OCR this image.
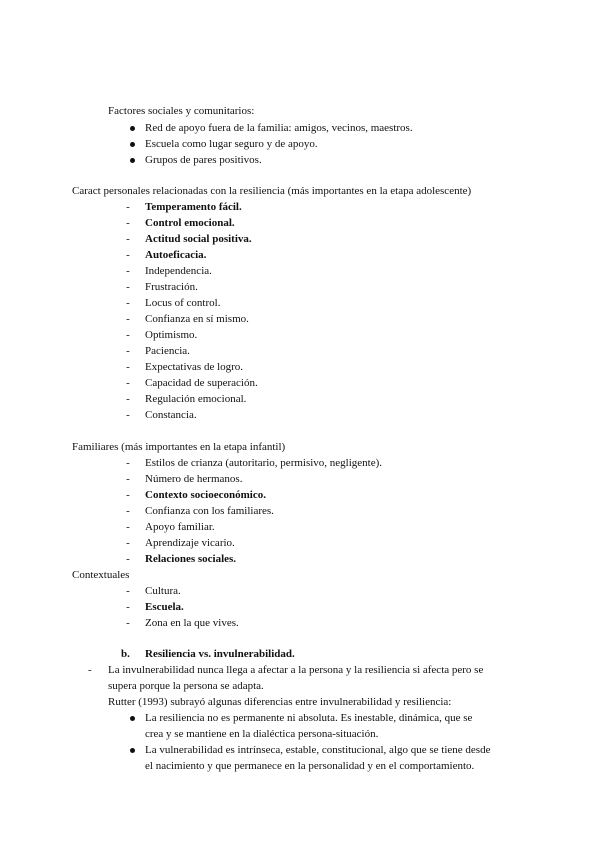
Factores sociales y comunitarios:
Red de apoyo fuera de la familia: amigos, vecinos, maestros.
Escuela como lugar seguro y de apoyo.
Grupos de pares positivos.
Caract personales relacionadas con la resiliencia (más importantes en la etapa adolescente)
-	Temperamento fácil.
-	Control emocional.
-	Actitud social positiva.
-	Autoeficacia.
-	Independencia.
-	Frustración.
-	Locus of control.
-	Confianza en sí mismo.
-	Optimismo.
-	Paciencia.
-	Expectativas de logro.
-	Capacidad de superación.
-	Regulación emocional.
-	Constancia.
Familiares (más importantes en la etapa infantil)
-	Estilos de crianza (autoritario, permisivo, negligente).
-	Número de hermanos.
-	Contexto socioeconómico.
-	Confianza con los familiares.
-	Apoyo familiar.
-	Aprendizaje vicario.
-	Relaciones sociales.
Contextuales
-	Cultura.
-	Escuela.
-	Zona en la que vives.
b. Resiliencia vs. invulnerabilidad.
- La invulnerabilidad nunca llega a afectar a la persona y la resiliencia si afecta pero se
supera porque la persona se adapta.
Rutter (1993) subrayó algunas diferencias entre invulnerabilidad y resiliencia:
La resiliencia no es permanente ni absoluta. Es inestable, dinámica, que se
crea y se mantiene en la dialéctica persona-situación.
La vulnerabilidad es intrínseca, estable, constitucional, algo que se tiene desde
el nacimiento y que permanece en la personalidad y en el comportamiento.
